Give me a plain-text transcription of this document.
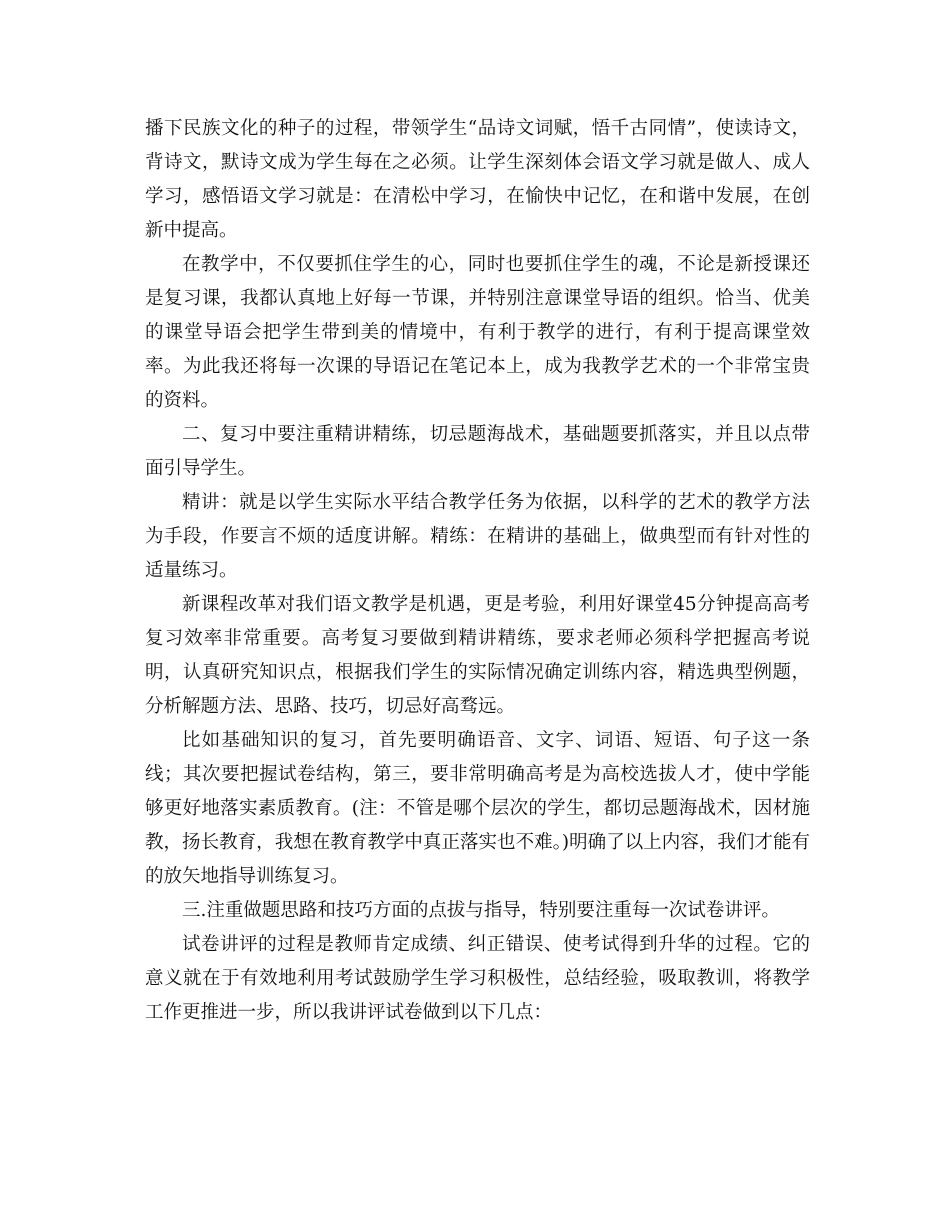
播下民族文化的种子的过程，带领学生“品诗文词赋，悟千古同情”，使读诗文，背诗文，默诗文成为学生每在之必须。让学生深刻体会语文学习就是做人、成人学习，感悟语文学习就是：在清松中学习，在愉快中记忆，在和谐中发展，在创新中提高。

在教学中，不仅要抓住学生的心，同时也要抓住学生的魂，不论是新授课还是复习课，我都认真地上好每一节课，并特别注意课堂导语的组织。恰当、优美的课堂导语会把学生带到美的情境中，有利于教学的进行，有利于提高课堂效率。为此我还将每一次课的导语记在笔记本上，成为我教学艺术的一个非常宝贵的资料。

二、复习中要注重精讲精练，切忌题海战术，基础题要抓落实，并且以点带面引导学生。

精讲：就是以学生实际水平结合教学任务为依据，以科学的艺术的教学方法为手段，作要言不烦的适度讲解。精练：在精讲的基础上，做典型而有针对性的适量练习。

新课程改革对我们语文教学是机遇，更是考验，利用好课堂45分钟提高高考复习效率非常重要。高考复习要做到精讲精练，要求老师必须科学把握高考说明，认真研究知识点，根据我们学生的实际情况确定训练内容，精选典型例题，分析解题方法、思路、技巧，切忌好高骛远。

比如基础知识的复习，首先要明确语音、文字、词语、短语、句子这一条线；其次要把握试卷结构，第三，要非常明确高考是为高校选拔人才，使中学能够更好地落实素质教育。(注：不管是哪个层次的学生，都切忌题海战术，因材施教，扬长教育，我想在教育教学中真正落实也不难。)明确了以上内容，我们才能有的放矢地指导训练复习。

三.注重做题思路和技巧方面的点拔与指导，特别要注重每一次试卷讲评。

试卷讲评的过程是教师肯定成绩、纠正错误、使考试得到升华的过程。它的意义就在于有效地利用考试鼓励学生学习积极性，总结经验，吸取教训，将教学工作更推进一步，所以我讲评试卷做到以下几点：
